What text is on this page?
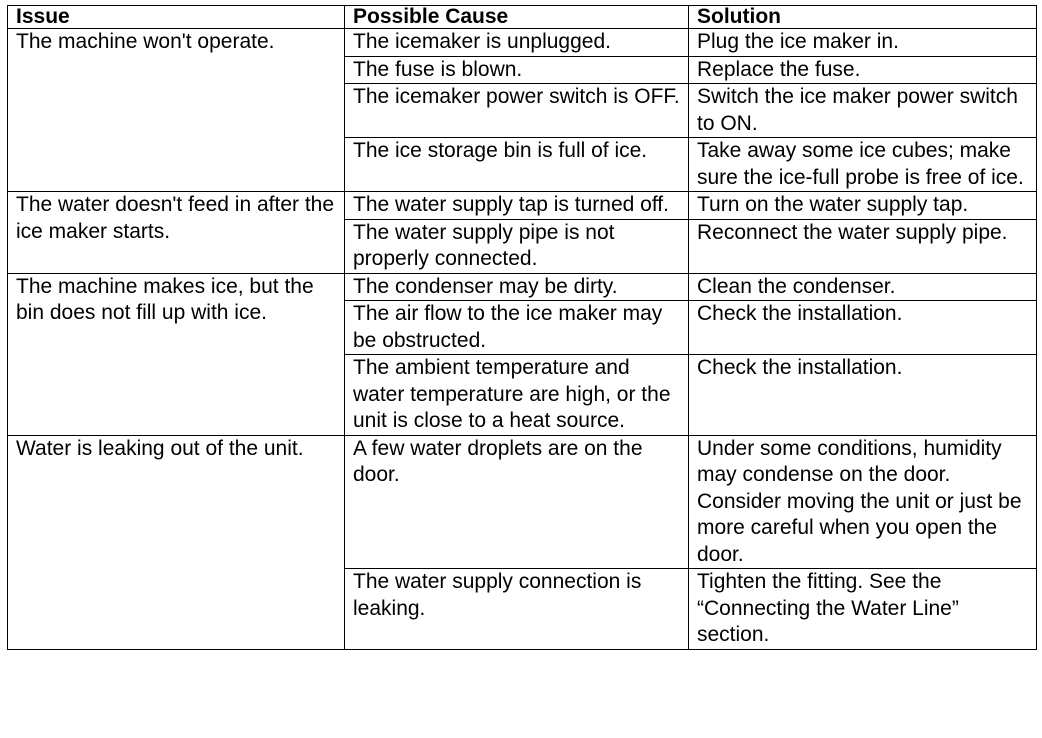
Issue	Possible Cause	Solution
The machine won't operate.	The icemaker is unplugged.	Plug the ice maker in.
	The fuse is blown.	Replace the fuse.
	The icemaker power switch is OFF.	Switch the ice maker power switch to ON.
	The ice storage bin is full of ice.	Take away some ice cubes; make sure the ice-full probe is free of ice.
The water doesn't feed in after the ice maker starts.	The water supply tap is turned off.	Turn on the water supply tap.
	The water supply pipe is not properly connected.	Reconnect the water supply pipe.
The machine makes ice, but the bin does not fill up with ice.	The condenser may be dirty.	Clean the condenser.
	The air flow to the ice maker may be obstructed.	Check the installation.
	The ambient temperature and water temperature are high, or the unit is close to a heat source.	Check the installation.
Water is leaking out of the unit.	A few water droplets are on the door.	Under some conditions, humidity may condense on the door. Consider moving the unit or just be more careful when you open the door.
	The water supply connection is leaking.	Tighten the fitting. See the “Connecting the Water Line” section.
